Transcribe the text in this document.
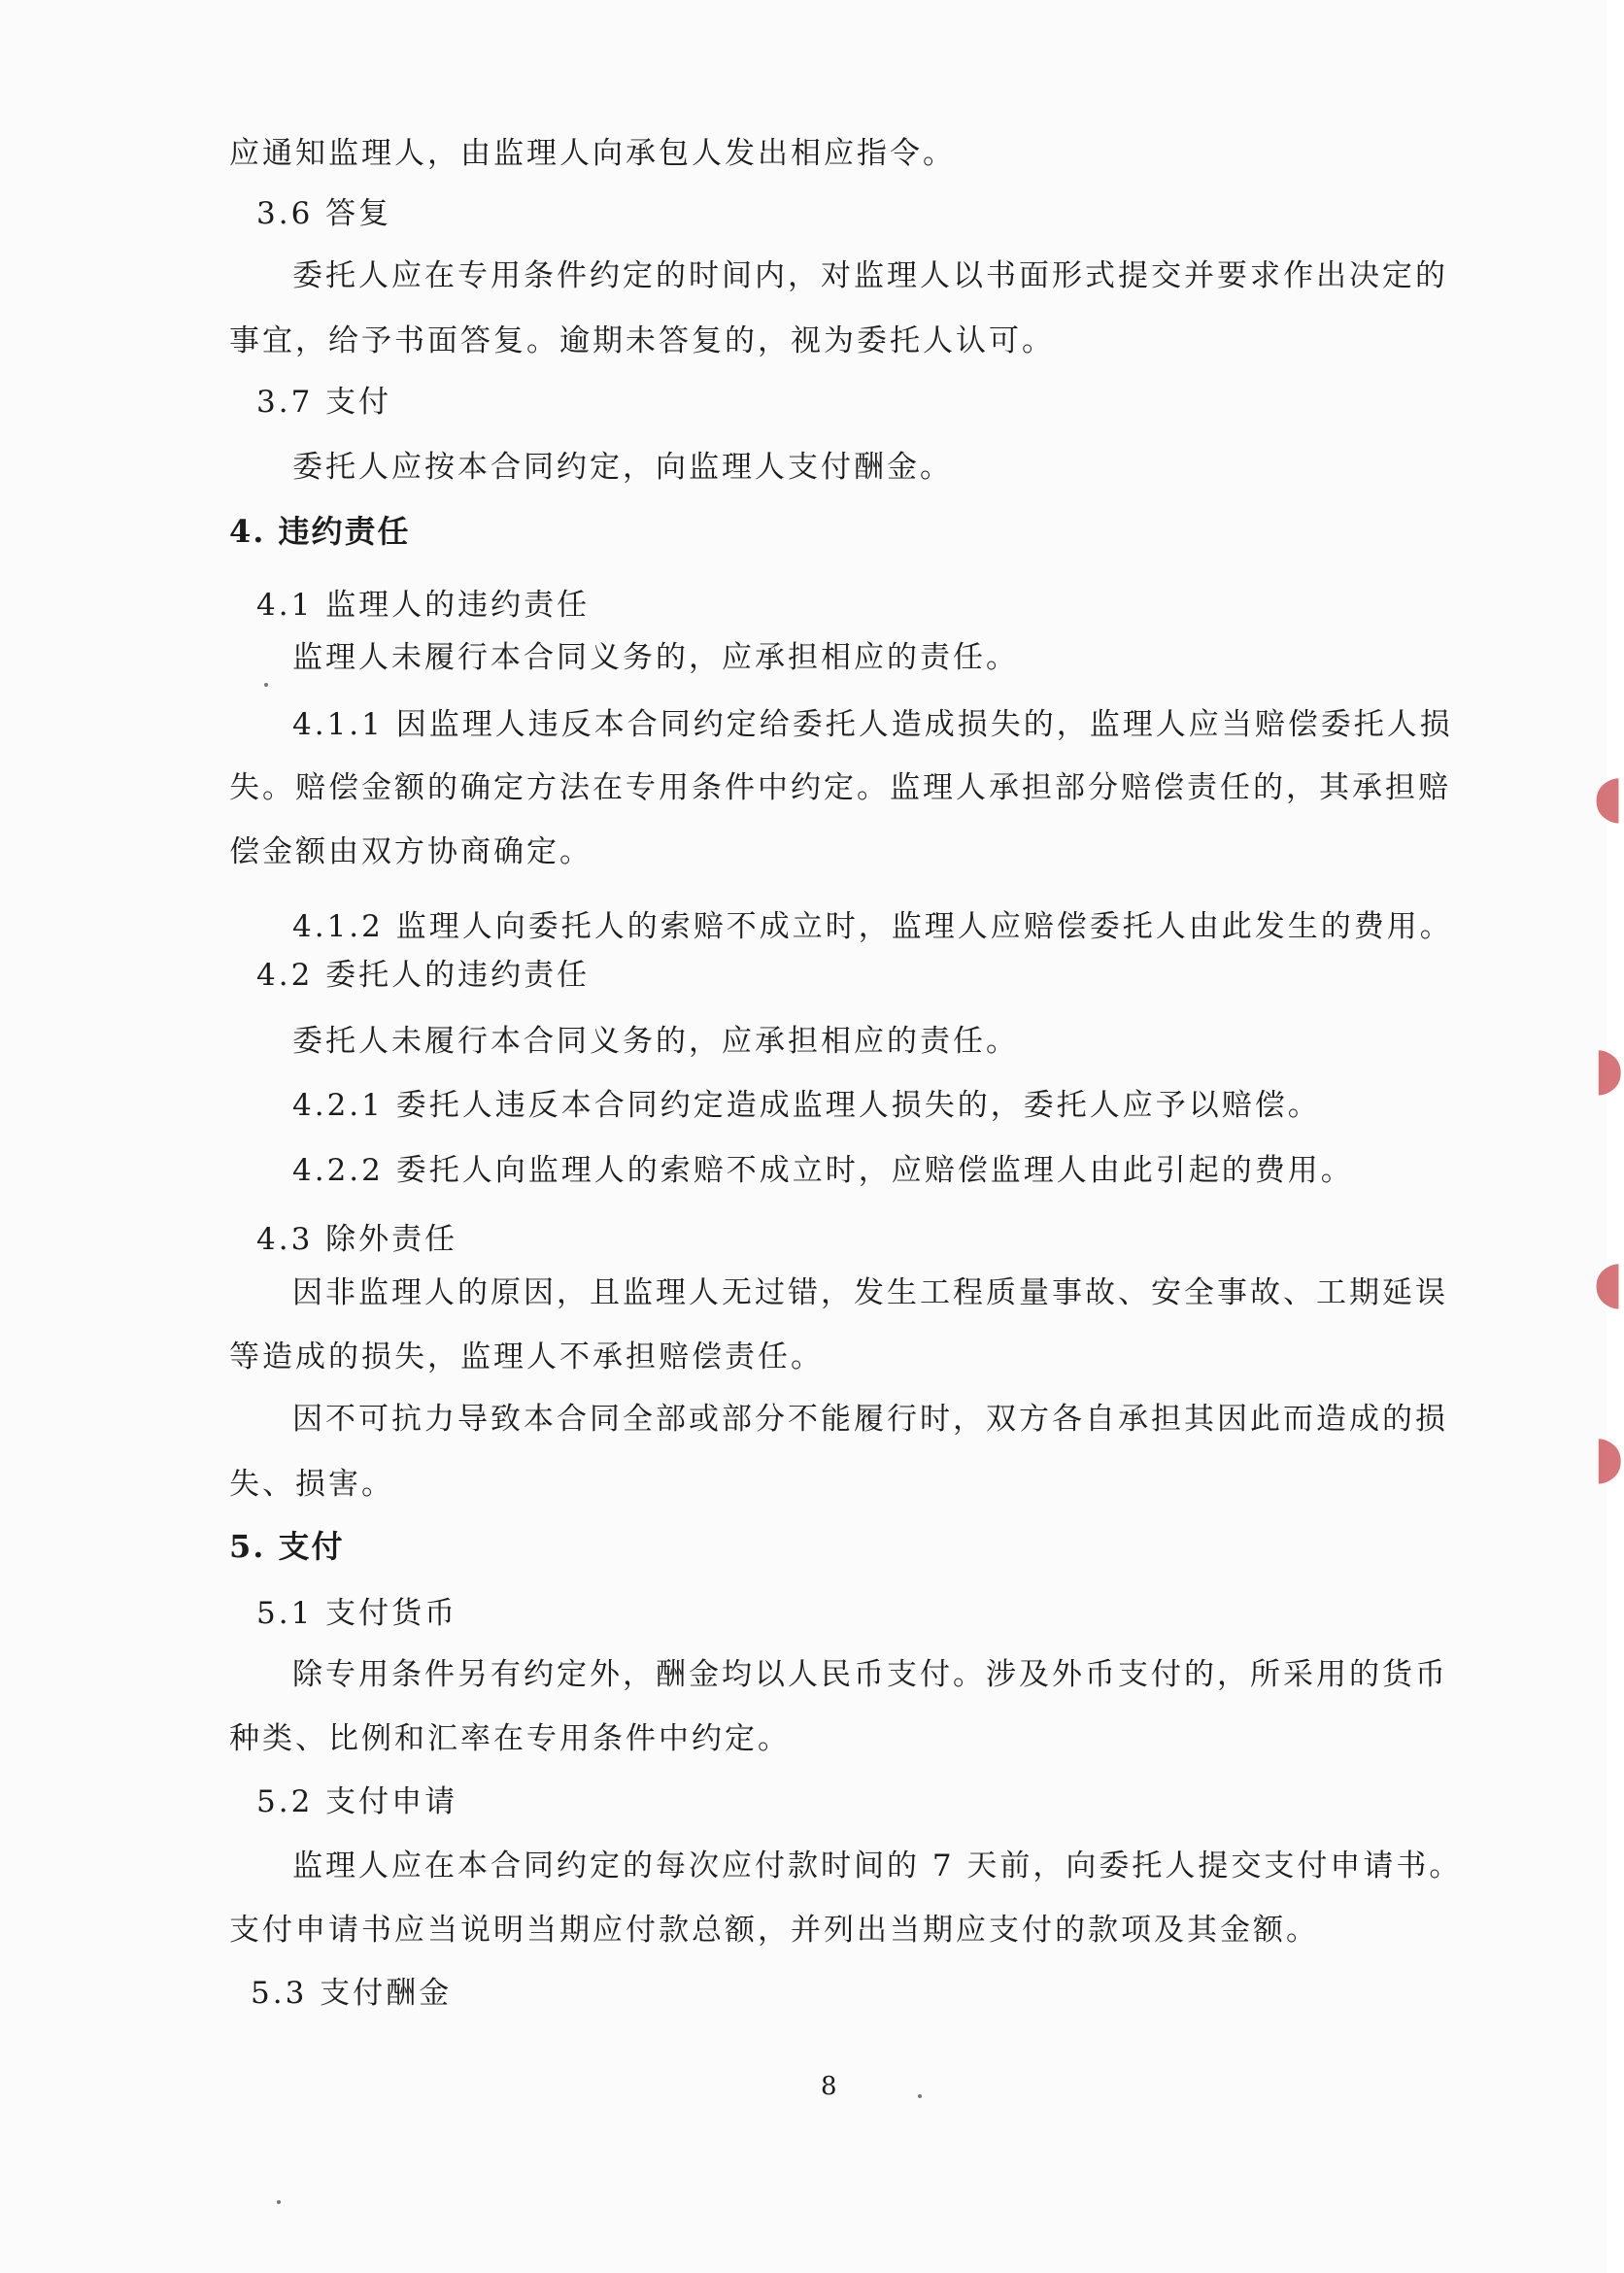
应通知监理人，由监理人向承包人发出相应指令。
3.6 答复
委托人应在专用条件约定的时间内，对监理人以书面形式提交并要求作出决定的
事宜，给予书面答复。逾期未答复的，视为委托人认可。
3.7 支付
委托人应按本合同约定，向监理人支付酬金。
4. 违约责任
4.1 监理人的违约责任
监理人未履行本合同义务的，应承担相应的责任。
4.1.1 因监理人违反本合同约定给委托人造成损失的，监理人应当赔偿委托人损
失。赔偿金额的确定方法在专用条件中约定。监理人承担部分赔偿责任的，其承担赔
偿金额由双方协商确定。
4.1.2 监理人向委托人的索赔不成立时，监理人应赔偿委托人由此发生的费用。
4.2 委托人的违约责任
委托人未履行本合同义务的，应承担相应的责任。
4.2.1 委托人违反本合同约定造成监理人损失的，委托人应予以赔偿。
4.2.2 委托人向监理人的索赔不成立时，应赔偿监理人由此引起的费用。
4.3 除外责任
因非监理人的原因，且监理人无过错，发生工程质量事故、安全事故、工期延误
等造成的损失，监理人不承担赔偿责任。
因不可抗力导致本合同全部或部分不能履行时，双方各自承担其因此而造成的损
失、损害。
5. 支付
5.1 支付货币
除专用条件另有约定外，酬金均以人民币支付。涉及外币支付的，所采用的货币
种类、比例和汇率在专用条件中约定。
5.2 支付申请
监理人应在本合同约定的每次应付款时间的 7 天前，向委托人提交支付申请书。
支付申请书应当说明当期应付款总额，并列出当期应支付的款项及其金额。
5.3 支付酬金
8
◖
◗
◖
◗
